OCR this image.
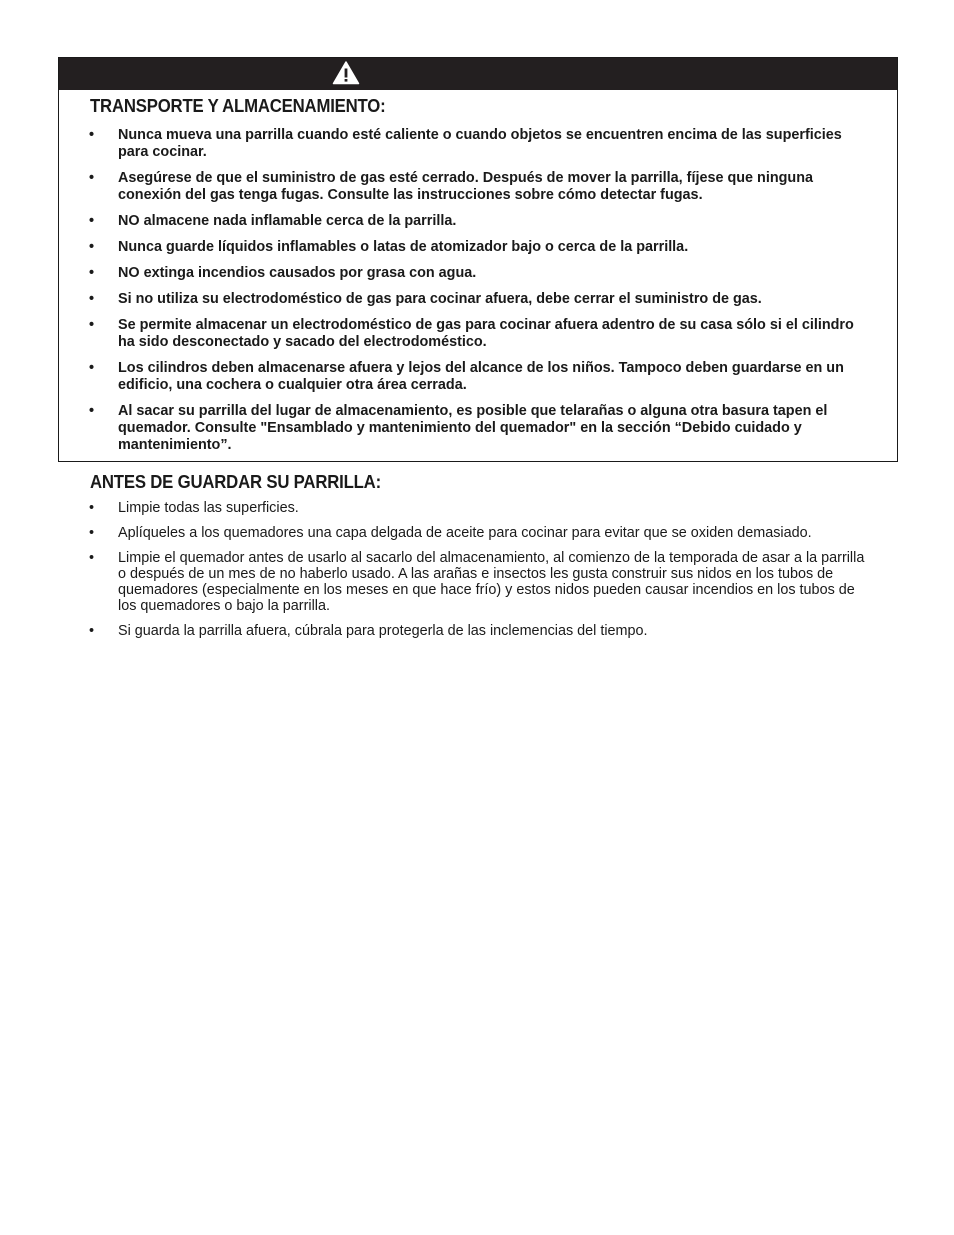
TRANSPORTE Y ALMACENAMIENTO:
• Nunca mueva una parrilla cuando esté caliente o cuando objetos se encuentren encima de las superficies para cocinar.
• Asegúrese de que el suministro de gas esté cerrado. Después de mover la parrilla, fíjese que ninguna conexión del gas tenga fugas. Consulte las instrucciones sobre cómo detectar fugas.
• NO almacene nada inflamable cerca de la parrilla.
• Nunca guarde líquidos inflamables o latas de atomizador bajo o cerca de la parrilla.
• NO extinga incendios causados por grasa con agua.
• Si no utiliza su electrodoméstico de gas para cocinar afuera, debe cerrar el suministro de gas.
• Se permite almacenar un electrodoméstico de gas para cocinar afuera adentro de su casa sólo si el cilindro ha sido desconectado y sacado del electrodoméstico.
• Los cilindros deben almacenarse afuera y lejos del alcance de los niños. Tampoco deben guardarse en un edificio, una cochera o cualquier otra área cerrada.
• Al sacar su parrilla del lugar de almacenamiento, es posible que telarañas o alguna otra basura tapen el quemador. Consulte "Ensamblado y mantenimiento del quemador" en la sección “Debido cuidado y mantenimiento”.
ANTES DE GUARDAR SU PARRILLA:
• Limpie todas las superficies.
• Aplíqueles a los quemadores una capa delgada de aceite para cocinar para evitar que se oxiden demasiado.
• Limpie el quemador antes de usarlo al sacarlo del almacenamiento, al comienzo de la temporada de asar a la parrilla o después de un mes de no haberlo usado. A las arañas e insectos les gusta construir sus nidos en los tubos de quemadores (especialmente en los meses en que hace frío) y estos nidos pueden causar incendios en los tubos de los quemadores o bajo la parrilla.
• Si guarda la parrilla afuera, cúbrala para protegerla de las inclemencias del tiempo.
